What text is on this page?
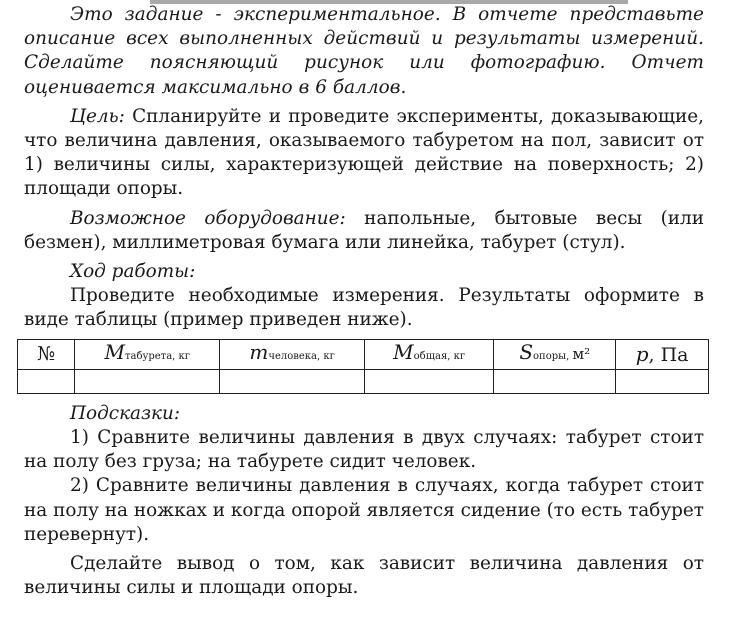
Это задание - экспериментальное. В отчете представьте описание всех выполненных действий и результаты измерений. Сделайте поясняющий рисунок или фотографию. Отчет оценивается максимально в 6 баллов.

Цель: Спланируйте и проведите эксперименты, доказывающие, что величина давления, оказываемого табуретом на пол, зависит от 1) величины силы, характеризующей действие на поверхность; 2) площади опоры.

Возможное оборудование: напольные, бытовые весы (или безмен), миллиметровая бумага или линейка, табурет (стул).

Ход работы:

Проведите необходимые измерения. Результаты оформите в виде таблицы (пример приведен ниже).

№	Mтабурета, кг	mчеловека, кг	Mобщая, кг	Sопоры, м²	p, Па

Подсказки:

1) Сравните величины давления в двух случаях: табурет стоит на полу без груза; на табурете сидит человек.

2) Сравните величины давления в случаях, когда табурет стоит на полу на ножках и когда опорой является сидение (то есть табурет перевернут).

Сделайте вывод о том, как зависит величина давления от величины силы и площади опоры.
